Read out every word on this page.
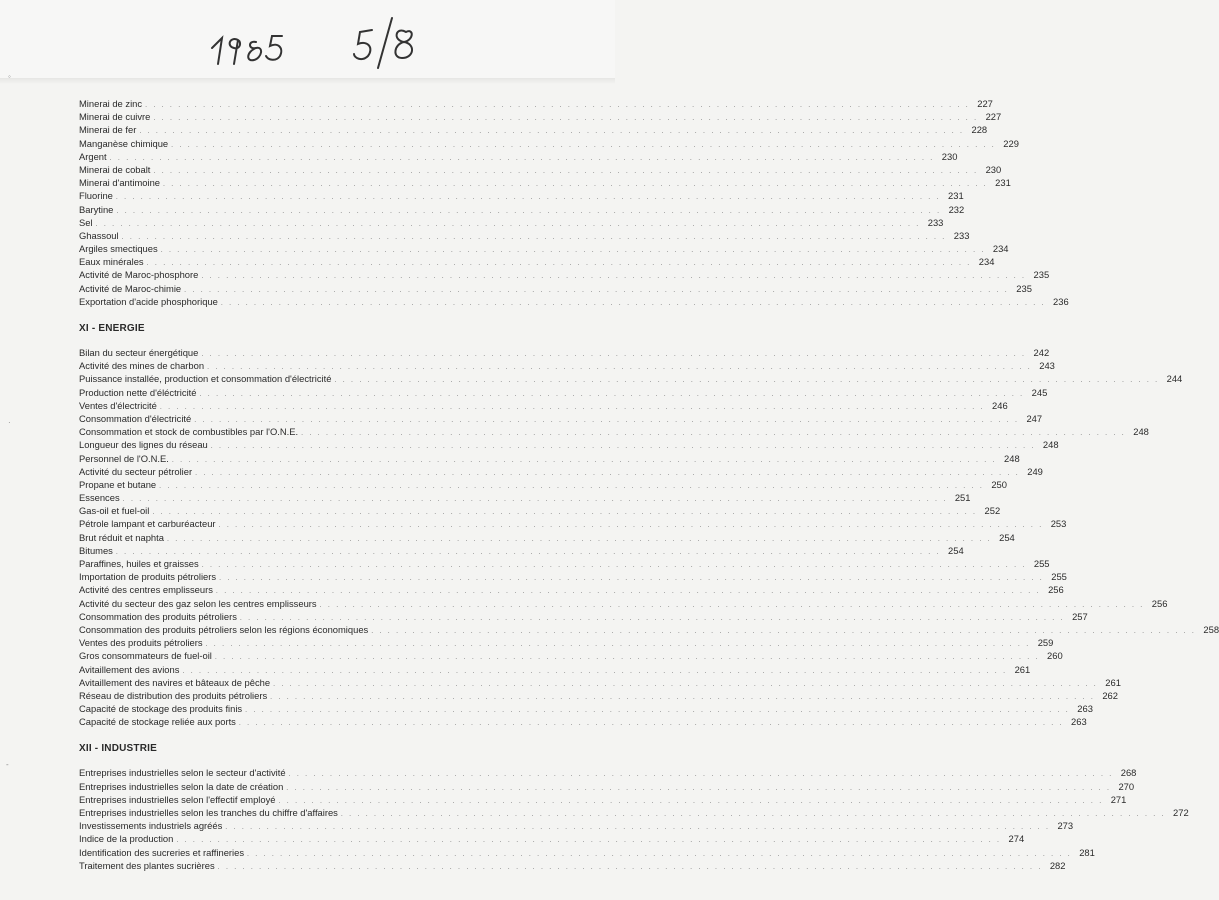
◦
·
-
Minerai de zinc . . . . . . . . . . . . . . . . . . . . . . . . . . . . . . . . . . . . . . . . . . . . . . . . . . . . . . . . . . . . . . . . . . . . . . . . . . . . . . . . . . . . . . . . . . . . . . . . . . . . 227
Minerai de cuivre . . . . . . . . . . . . . . . . . . . . . . . . . . . . . . . . . . . . . . . . . . . . . . . . . . . . . . . . . . . . . . . . . . . . . . . . . . . . . . . . . . . . . . . . . . . . . . . . . . . . 227
Minerai de fer . . . . . . . . . . . . . . . . . . . . . . . . . . . . . . . . . . . . . . . . . . . . . . . . . . . . . . . . . . . . . . . . . . . . . . . . . . . . . . . . . . . . . . . . . . . . . . . . . . . . 228
Manganèse chimique . . . . . . . . . . . . . . . . . . . . . . . . . . . . . . . . . . . . . . . . . . . . . . . . . . . . . . . . . . . . . . . . . . . . . . . . . . . . . . . . . . . . . . . . . . . . . . . . . . . . 229
Argent . . . . . . . . . . . . . . . . . . . . . . . . . . . . . . . . . . . . . . . . . . . . . . . . . . . . . . . . . . . . . . . . . . . . . . . . . . . . . . . . . . . . . . . . . . . . . . . . . . . . 230
Minerai de cobalt . . . . . . . . . . . . . . . . . . . . . . . . . . . . . . . . . . . . . . . . . . . . . . . . . . . . . . . . . . . . . . . . . . . . . . . . . . . . . . . . . . . . . . . . . . . . . . . . . . . . 230
Minerai d'antimoine . . . . . . . . . . . . . . . . . . . . . . . . . . . . . . . . . . . . . . . . . . . . . . . . . . . . . . . . . . . . . . . . . . . . . . . . . . . . . . . . . . . . . . . . . . . . . . . . . . . . 231
Fluorine . . . . . . . . . . . . . . . . . . . . . . . . . . . . . . . . . . . . . . . . . . . . . . . . . . . . . . . . . . . . . . . . . . . . . . . . . . . . . . . . . . . . . . . . . . . . . . . . . . . . 231
Barytine . . . . . . . . . . . . . . . . . . . . . . . . . . . . . . . . . . . . . . . . . . . . . . . . . . . . . . . . . . . . . . . . . . . . . . . . . . . . . . . . . . . . . . . . . . . . . . . . . . . . 232
Sel . . . . . . . . . . . . . . . . . . . . . . . . . . . . . . . . . . . . . . . . . . . . . . . . . . . . . . . . . . . . . . . . . . . . . . . . . . . . . . . . . . . . . . . . . . . . . . . . . . . . 233
Ghassoul . . . . . . . . . . . . . . . . . . . . . . . . . . . . . . . . . . . . . . . . . . . . . . . . . . . . . . . . . . . . . . . . . . . . . . . . . . . . . . . . . . . . . . . . . . . . . . . . . . . . 233
Argiles smectiques . . . . . . . . . . . . . . . . . . . . . . . . . . . . . . . . . . . . . . . . . . . . . . . . . . . . . . . . . . . . . . . . . . . . . . . . . . . . . . . . . . . . . . . . . . . . . . . . . . . . 234
Eaux minérales . . . . . . . . . . . . . . . . . . . . . . . . . . . . . . . . . . . . . . . . . . . . . . . . . . . . . . . . . . . . . . . . . . . . . . . . . . . . . . . . . . . . . . . . . . . . . . . . . . . . 234
Activité de Maroc-phosphore . . . . . . . . . . . . . . . . . . . . . . . . . . . . . . . . . . . . . . . . . . . . . . . . . . . . . . . . . . . . . . . . . . . . . . . . . . . . . . . . . . . . . . . . . . . . . . . . . . . . 235
Activité de Maroc-chimie . . . . . . . . . . . . . . . . . . . . . . . . . . . . . . . . . . . . . . . . . . . . . . . . . . . . . . . . . . . . . . . . . . . . . . . . . . . . . . . . . . . . . . . . . . . . . . . . . . . . 235
Exportation d'acide phosphorique . . . . . . . . . . . . . . . . . . . . . . . . . . . . . . . . . . . . . . . . . . . . . . . . . . . . . . . . . . . . . . . . . . . . . . . . . . . . . . . . . . . . . . . . . . . . . . . . . . . . 236
XI - ENERGIE
Bilan du secteur énergétique . . . . . . . . . . . . . . . . . . . . . . . . . . . . . . . . . . . . . . . . . . . . . . . . . . . . . . . . . . . . . . . . . . . . . . . . . . . . . . . . . . . . . . . . . . . . . . . . . . . . 242
Activité des mines de charbon . . . . . . . . . . . . . . . . . . . . . . . . . . . . . . . . . . . . . . . . . . . . . . . . . . . . . . . . . . . . . . . . . . . . . . . . . . . . . . . . . . . . . . . . . . . . . . . . . . . . 243
Puissance installée, production et consommation d'électricité . . . . . . . . . . . . . . . . . . . . . . . . . . . . . . . . . . . . . . . . . . . . . . . . . . . . . . . . . . . . . . . . . . . . . . . . . . . . . . . . . . . . . . . . . . . . . . . . . . . . 244
Production nette d'éléctricité . . . . . . . . . . . . . . . . . . . . . . . . . . . . . . . . . . . . . . . . . . . . . . . . . . . . . . . . . . . . . . . . . . . . . . . . . . . . . . . . . . . . . . . . . . . . . . . . . . . . 245
Ventes d'électricité . . . . . . . . . . . . . . . . . . . . . . . . . . . . . . . . . . . . . . . . . . . . . . . . . . . . . . . . . . . . . . . . . . . . . . . . . . . . . . . . . . . . . . . . . . . . . . . . . . . . 246
Consommation d'électricité . . . . . . . . . . . . . . . . . . . . . . . . . . . . . . . . . . . . . . . . . . . . . . . . . . . . . . . . . . . . . . . . . . . . . . . . . . . . . . . . . . . . . . . . . . . . . . . . . . . . 247
Consommation et stock de combustibles par l'O.N.E. . . . . . . . . . . . . . . . . . . . . . . . . . . . . . . . . . . . . . . . . . . . . . . . . . . . . . . . . . . . . . . . . . . . . . . . . . . . . . . . . . . . . . . . . . . . . . . . . . . . . 248
Longueur des lignes du réseau . . . . . . . . . . . . . . . . . . . . . . . . . . . . . . . . . . . . . . . . . . . . . . . . . . . . . . . . . . . . . . . . . . . . . . . . . . . . . . . . . . . . . . . . . . . . . . . . . . . . 248
Personnel de l'O.N.E. . . . . . . . . . . . . . . . . . . . . . . . . . . . . . . . . . . . . . . . . . . . . . . . . . . . . . . . . . . . . . . . . . . . . . . . . . . . . . . . . . . . . . . . . . . . . . . . . . . . . 248
Activité du secteur pétrolier . . . . . . . . . . . . . . . . . . . . . . . . . . . . . . . . . . . . . . . . . . . . . . . . . . . . . . . . . . . . . . . . . . . . . . . . . . . . . . . . . . . . . . . . . . . . . . . . . . . . 249
Propane et butane . . . . . . . . . . . . . . . . . . . . . . . . . . . . . . . . . . . . . . . . . . . . . . . . . . . . . . . . . . . . . . . . . . . . . . . . . . . . . . . . . . . . . . . . . . . . . . . . . . . . 250
Essences . . . . . . . . . . . . . . . . . . . . . . . . . . . . . . . . . . . . . . . . . . . . . . . . . . . . . . . . . . . . . . . . . . . . . . . . . . . . . . . . . . . . . . . . . . . . . . . . . . . . 251
Gas-oil et fuel-oil . . . . . . . . . . . . . . . . . . . . . . . . . . . . . . . . . . . . . . . . . . . . . . . . . . . . . . . . . . . . . . . . . . . . . . . . . . . . . . . . . . . . . . . . . . . . . . . . . . . . 252
Pétrole lampant et carburéacteur . . . . . . . . . . . . . . . . . . . . . . . . . . . . . . . . . . . . . . . . . . . . . . . . . . . . . . . . . . . . . . . . . . . . . . . . . . . . . . . . . . . . . . . . . . . . . . . . . . . . 253
Brut réduit et naphta . . . . . . . . . . . . . . . . . . . . . . . . . . . . . . . . . . . . . . . . . . . . . . . . . . . . . . . . . . . . . . . . . . . . . . . . . . . . . . . . . . . . . . . . . . . . . . . . . . . . 254
Bitumes . . . . . . . . . . . . . . . . . . . . . . . . . . . . . . . . . . . . . . . . . . . . . . . . . . . . . . . . . . . . . . . . . . . . . . . . . . . . . . . . . . . . . . . . . . . . . . . . . . . . 254
Paraffines, huiles et graisses . . . . . . . . . . . . . . . . . . . . . . . . . . . . . . . . . . . . . . . . . . . . . . . . . . . . . . . . . . . . . . . . . . . . . . . . . . . . . . . . . . . . . . . . . . . . . . . . . . . . 255
Importation de produits pétroliers . . . . . . . . . . . . . . . . . . . . . . . . . . . . . . . . . . . . . . . . . . . . . . . . . . . . . . . . . . . . . . . . . . . . . . . . . . . . . . . . . . . . . . . . . . . . . . . . . . . . 255
Activité des centres emplisseurs . . . . . . . . . . . . . . . . . . . . . . . . . . . . . . . . . . . . . . . . . . . . . . . . . . . . . . . . . . . . . . . . . . . . . . . . . . . . . . . . . . . . . . . . . . . . . . . . . . . . 256
Activité du secteur des gaz selon les centres emplisseurs . . . . . . . . . . . . . . . . . . . . . . . . . . . . . . . . . . . . . . . . . . . . . . . . . . . . . . . . . . . . . . . . . . . . . . . . . . . . . . . . . . . . . . . . . . . . . . . . . . . . 256
Consommation des produits pétroliers . . . . . . . . . . . . . . . . . . . . . . . . . . . . . . . . . . . . . . . . . . . . . . . . . . . . . . . . . . . . . . . . . . . . . . . . . . . . . . . . . . . . . . . . . . . . . . . . . . . . 257
Consommation des produits pétroliers selon les régions économiques . . . . . . . . . . . . . . . . . . . . . . . . . . . . . . . . . . . . . . . . . . . . . . . . . . . . . . . . . . . . . . . . . . . . . . . . . . . . . . . . . . . . . . . . . . . . . . . . . . . . 258
Ventes des produits pétroliers . . . . . . . . . . . . . . . . . . . . . . . . . . . . . . . . . . . . . . . . . . . . . . . . . . . . . . . . . . . . . . . . . . . . . . . . . . . . . . . . . . . . . . . . . . . . . . . . . . . . 259
Gros consommateurs de fuel-oil . . . . . . . . . . . . . . . . . . . . . . . . . . . . . . . . . . . . . . . . . . . . . . . . . . . . . . . . . . . . . . . . . . . . . . . . . . . . . . . . . . . . . . . . . . . . . . . . . . . . 260
Avitaillement des avions . . . . . . . . . . . . . . . . . . . . . . . . . . . . . . . . . . . . . . . . . . . . . . . . . . . . . . . . . . . . . . . . . . . . . . . . . . . . . . . . . . . . . . . . . . . . . . . . . . . . 261
Avitaillement des navires et bâteaux de pêche . . . . . . . . . . . . . . . . . . . . . . . . . . . . . . . . . . . . . . . . . . . . . . . . . . . . . . . . . . . . . . . . . . . . . . . . . . . . . . . . . . . . . . . . . . . . . . . . . . . . 261
Réseau de distribution des produits pétroliers . . . . . . . . . . . . . . . . . . . . . . . . . . . . . . . . . . . . . . . . . . . . . . . . . . . . . . . . . . . . . . . . . . . . . . . . . . . . . . . . . . . . . . . . . . . . . . . . . . . . 262
Capacité de stockage des produits finis . . . . . . . . . . . . . . . . . . . . . . . . . . . . . . . . . . . . . . . . . . . . . . . . . . . . . . . . . . . . . . . . . . . . . . . . . . . . . . . . . . . . . . . . . . . . . . . . . . . . 263
Capacité de stockage reliée aux ports . . . . . . . . . . . . . . . . . . . . . . . . . . . . . . . . . . . . . . . . . . . . . . . . . . . . . . . . . . . . . . . . . . . . . . . . . . . . . . . . . . . . . . . . . . . . . . . . . . . . 263
XII - INDUSTRIE
Entreprises industrielles selon le secteur d'activité . . . . . . . . . . . . . . . . . . . . . . . . . . . . . . . . . . . . . . . . . . . . . . . . . . . . . . . . . . . . . . . . . . . . . . . . . . . . . . . . . . . . . . . . . . . . . . . . . . . . 268
Entreprises industrielles selon la date de création . . . . . . . . . . . . . . . . . . . . . . . . . . . . . . . . . . . . . . . . . . . . . . . . . . . . . . . . . . . . . . . . . . . . . . . . . . . . . . . . . . . . . . . . . . . . . . . . . . . . 270
Entreprises industrielles selon l'effectif employé . . . . . . . . . . . . . . . . . . . . . . . . . . . . . . . . . . . . . . . . . . . . . . . . . . . . . . . . . . . . . . . . . . . . . . . . . . . . . . . . . . . . . . . . . . . . . . . . . . . . 271
Entreprises industrielles selon les tranches du chiffre d'affaires . . . . . . . . . . . . . . . . . . . . . . . . . . . . . . . . . . . . . . . . . . . . . . . . . . . . . . . . . . . . . . . . . . . . . . . . . . . . . . . . . . . . . . . . . . . . . . . . . . . . 272
Investissements industriels agréés . . . . . . . . . . . . . . . . . . . . . . . . . . . . . . . . . . . . . . . . . . . . . . . . . . . . . . . . . . . . . . . . . . . . . . . . . . . . . . . . . . . . . . . . . . . . . . . . . . . . 273
Indice de la production . . . . . . . . . . . . . . . . . . . . . . . . . . . . . . . . . . . . . . . . . . . . . . . . . . . . . . . . . . . . . . . . . . . . . . . . . . . . . . . . . . . . . . . . . . . . . . . . . . . . 274
Identification des sucreries et raffineries . . . . . . . . . . . . . . . . . . . . . . . . . . . . . . . . . . . . . . . . . . . . . . . . . . . . . . . . . . . . . . . . . . . . . . . . . . . . . . . . . . . . . . . . . . . . . . . . . . . . 281
Traitement des plantes sucrières . . . . . . . . . . . . . . . . . . . . . . . . . . . . . . . . . . . . . . . . . . . . . . . . . . . . . . . . . . . . . . . . . . . . . . . . . . . . . . . . . . . . . . . . . . . . . . . . . . . . 282
